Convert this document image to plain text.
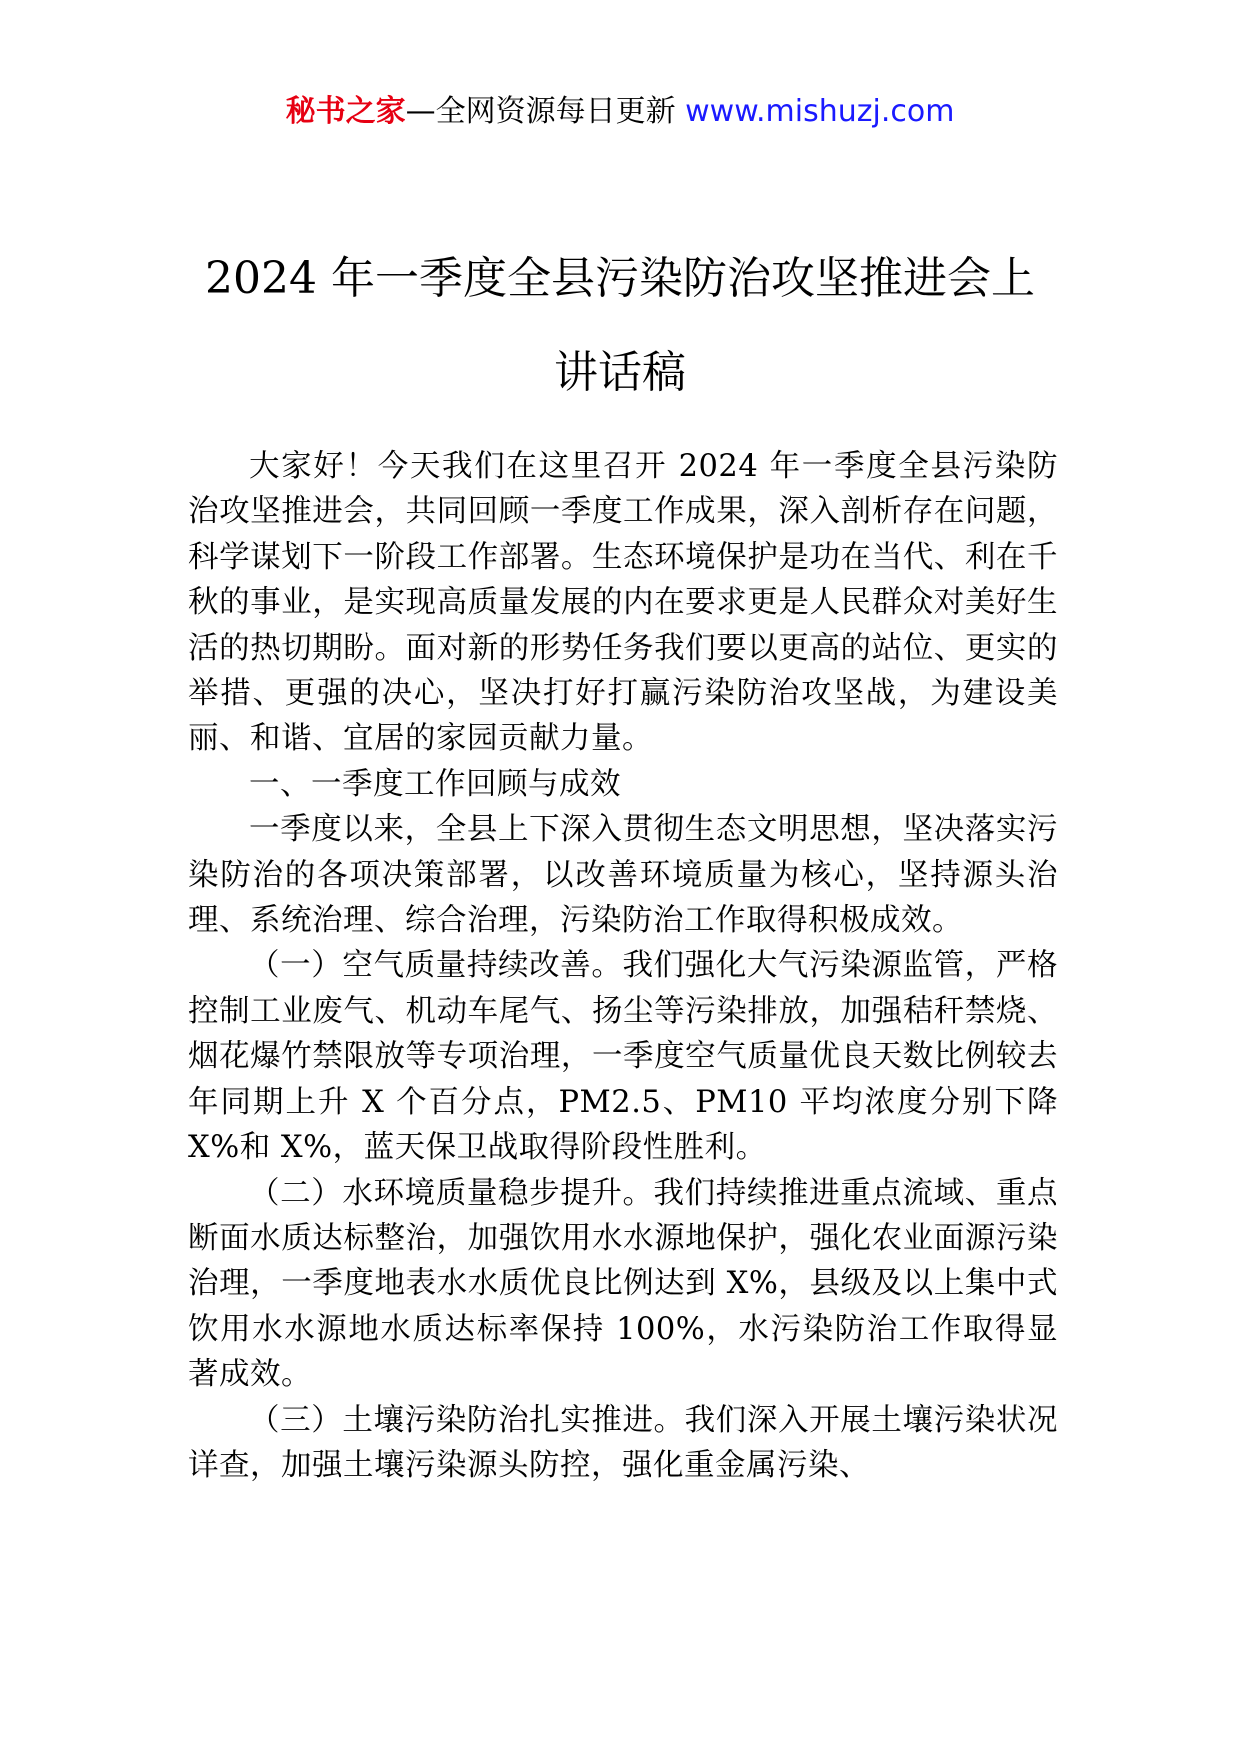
秘书之家—全网资源每日更新 www.mishuzj.com
2024 年一季度全县污染防治攻坚推进会上
讲话稿

大家好！今天我们在这里召开 2024 年一季度全县污染防治攻坚推进会，共同回顾一季度工作成果，深入剖析存在问题，科学谋划下一阶段工作部署。生态环境保护是功在当代、利在千秋的事业，是实现高质量发展的内在要求更是人民群众对美好生活的热切期盼。面对新的形势任务我们要以更高的站位、更实的举措、更强的决心，坚决打好打赢污染防治攻坚战，为建设美丽、和谐、宜居的家园贡献力量。

一、一季度工作回顾与成效

一季度以来，全县上下深入贯彻生态文明思想，坚决落实污染防治的各项决策部署，以改善环境质量为核心，坚持源头治理、系统治理、综合治理，污染防治工作取得积极成效。

（一）空气质量持续改善。我们强化大气污染源监管，严格控制工业废气、机动车尾气、扬尘等污染排放，加强秸秆禁烧、烟花爆竹禁限放等专项治理，一季度空气质量优良天数比例较去年同期上升 X 个百分点，PM2.5、PM10 平均浓度分别下降 X%和 X%，蓝天保卫战取得阶段性胜利。

（二）水环境质量稳步提升。我们持续推进重点流域、重点断面水质达标整治，加强饮用水水源地保护，强化农业面源污染治理，一季度地表水水质优良比例达到 X%，县级及以上集中式饮用水水源地水质达标率保持 100%，水污染防治工作取得显著成效。

（三）土壤污染防治扎实推进。我们深入开展土壤污染状况详查，加强土壤污染源头防控，强化重金属污染、
